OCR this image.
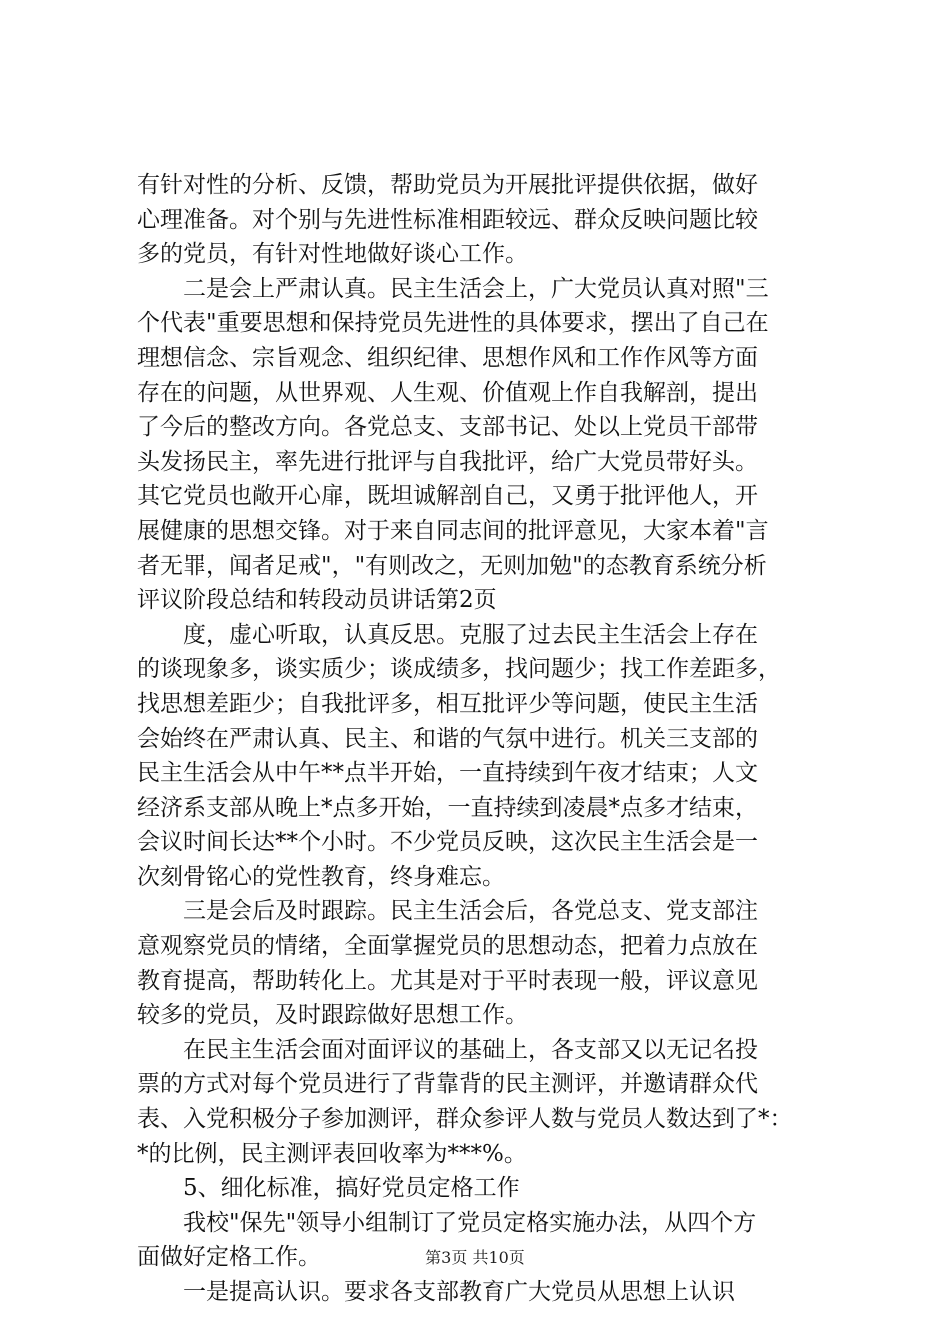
有针对性的分析、反馈，帮助党员为开展批评提供依据，做好
心理准备。对个别与先进性标准相距较远、群众反映问题比较
多的党员，有针对性地做好谈心工作。
二是会上严肃认真。民主生活会上，广大党员认真对照"三
个代表"重要思想和保持党员先进性的具体要求，摆出了自己在
理想信念、宗旨观念、组织纪律、思想作风和工作作风等方面
存在的问题，从世界观、人生观、价值观上作自我解剖，提出
了今后的整改方向。各党总支、支部书记、处以上党员干部带
头发扬民主，率先进行批评与自我批评，给广大党员带好头。
其它党员也敞开心扉，既坦诚解剖自己，又勇于批评他人，开
展健康的思想交锋。对于来自同志间的批评意见，大家本着"言
者无罪，闻者足戒"，"有则改之，无则加勉"的态教育系统分析
评议阶段总结和转段动员讲话第2页
度，虚心听取，认真反思。克服了过去民主生活会上存在
的谈现象多，谈实质少；谈成绩多，找问题少；找工作差距多，
找思想差距少；自我批评多，相互批评少等问题，使民主生活
会始终在严肃认真、民主、和谐的气氛中进行。机关三支部的
民主生活会从中午**点半开始，一直持续到午夜才结束；人文
经济系支部从晚上*点多开始，一直持续到凌晨*点多才结束，
会议时间长达**个小时。不少党员反映，这次民主生活会是一
次刻骨铭心的党性教育，终身难忘。
三是会后及时跟踪。民主生活会后，各党总支、党支部注
意观察党员的情绪，全面掌握党员的思想动态，把着力点放在
教育提高，帮助转化上。尤其是对于平时表现一般，评议意见
较多的党员，及时跟踪做好思想工作。
在民主生活会面对面评议的基础上，各支部又以无记名投
票的方式对每个党员进行了背靠背的民主测评，并邀请群众代
表、入党积极分子参加测评，群众参评人数与党员人数达到了*：
*的比例，民主测评表回收率为***%。
5、细化标准，搞好党员定格工作
我校"保先"领导小组制订了党员定格实施办法，从四个方
面做好定格工作。
一是提高认识。要求各支部教育广大党员从思想上认识
第3页 共10页
